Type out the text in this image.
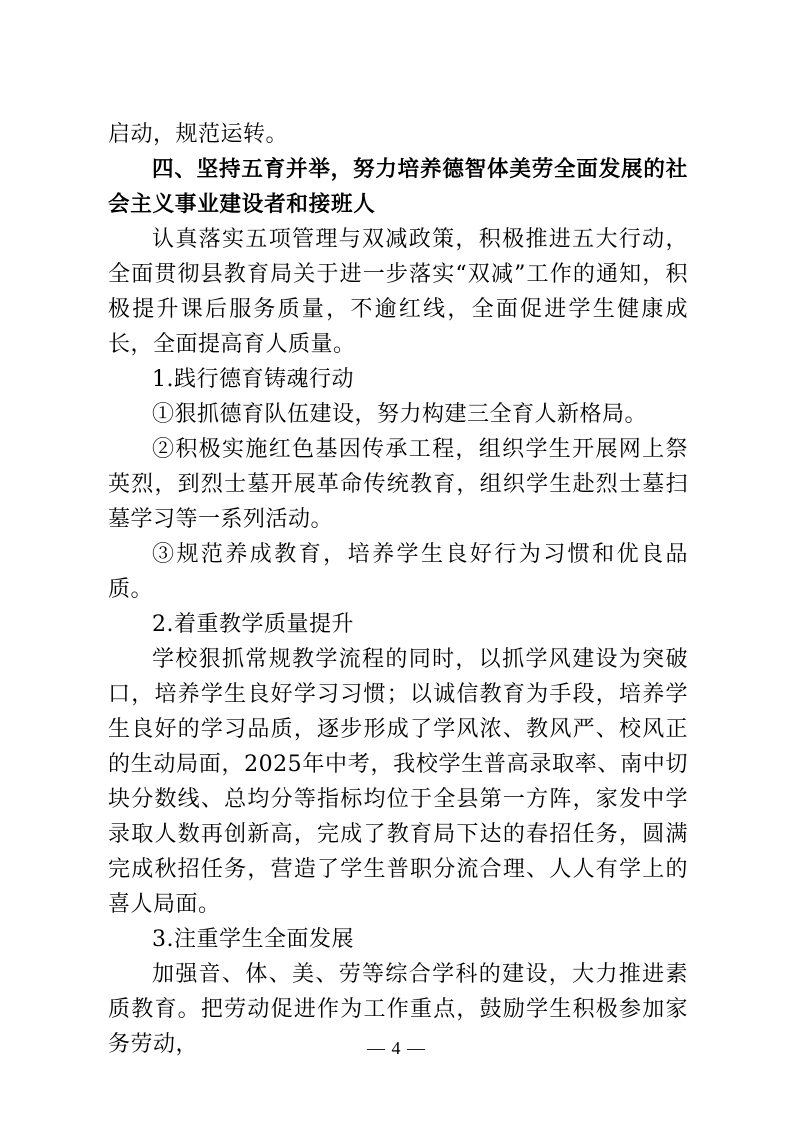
启动，规范运转。

四、坚持五育并举，努力培养德智体美劳全面发展的社会主义事业建设者和接班人

认真落实五项管理与双减政策，积极推进五大行动，全面贯彻县教育局关于进一步落实“双减”工作的通知，积极提升课后服务质量，不逾红线，全面促进学生健康成长，全面提高育人质量。

1.践行德育铸魂行动

①狠抓德育队伍建设，努力构建三全育人新格局。

②积极实施红色基因传承工程，组织学生开展网上祭英烈，到烈士墓开展革命传统教育，组织学生赴烈士墓扫墓学习等一系列活动。

③规范养成教育，培养学生良好行为习惯和优良品质。

2.着重教学质量提升

学校狠抓常规教学流程的同时，以抓学风建设为突破口，培养学生良好学习习惯；以诚信教育为手段，培养学生良好的学习品质，逐步形成了学风浓、教风严、校风正的生动局面，2025年中考，我校学生普高录取率、南中切块分数线、总均分等指标均位于全县第一方阵，家发中学录取人数再创新高，完成了教育局下达的春招任务，圆满完成秋招任务，营造了学生普职分流合理、人人有学上的喜人局面。

3.注重学生全面发展

加强音、体、美、劳等综合学科的建设，大力推进素质教育。把劳动促进作为工作重点，鼓励学生积极参加家务劳动，	— 4 —
